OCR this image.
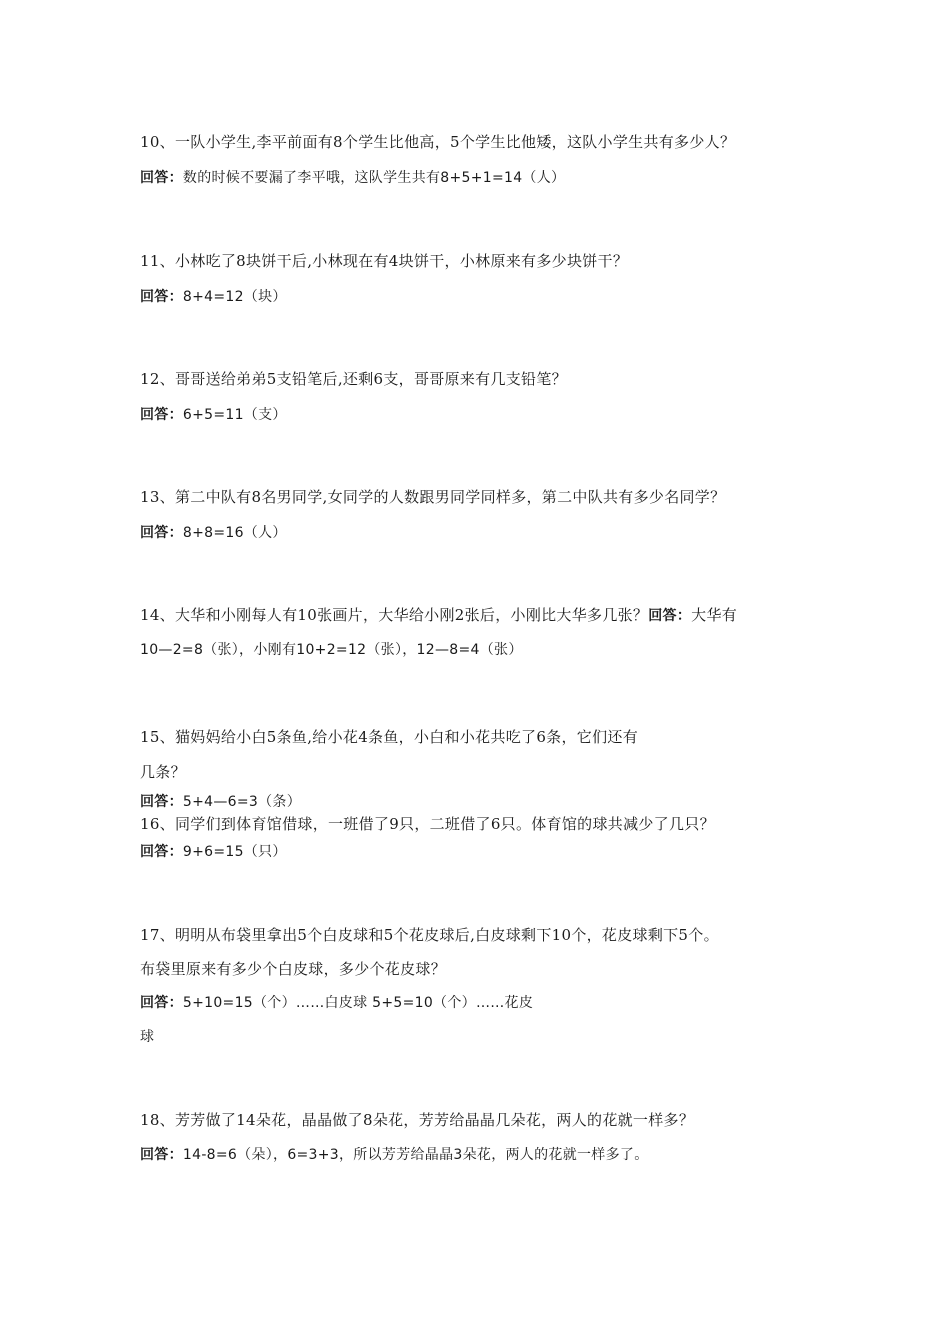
10、一队小学生,李平前面有8个学生比他高，5个学生比他矮，这队小学生共有多少人？
回答：数的时候不要漏了李平哦，这队学生共有8+5+1=14（人）
11、小林吃了8块饼干后,小林现在有4块饼干，小林原来有多少块饼干？
回答：8+4=12（块）
12、哥哥送给弟弟5支铅笔后,还剩6支，哥哥原来有几支铅笔？
回答：6+5=11（支）
13、第二中队有8名男同学,女同学的人数跟男同学同样多，第二中队共有多少名同学？
回答：8+8=16（人）
14、大华和小刚每人有10张画片，大华给小刚2张后，小刚比大华多几张？回答：大华有
10—2=8（张），小刚有10+2=12（张），12—8=4（张）
15、猫妈妈给小白5条鱼,给小花4条鱼，小白和小花共吃了6条，它们还有
几条？
回答：5+4—6=3（条）
16、同学们到体育馆借球，一班借了9只，二班借了6只。体育馆的球共减少了几只？
回答：9+6=15（只）
17、明明从布袋里拿出5个白皮球和5个花皮球后,白皮球剩下10个，花皮球剩下5个。
布袋里原来有多少个白皮球，多少个花皮球？
回答：5+10=15（个）……白皮球 5+5=10（个）……花皮
球
18、芳芳做了14朵花，晶晶做了8朵花，芳芳给晶晶几朵花，两人的花就一样多？
回答：14-8=6（朵），6=3+3，所以芳芳给晶晶3朵花，两人的花就一样多了。
